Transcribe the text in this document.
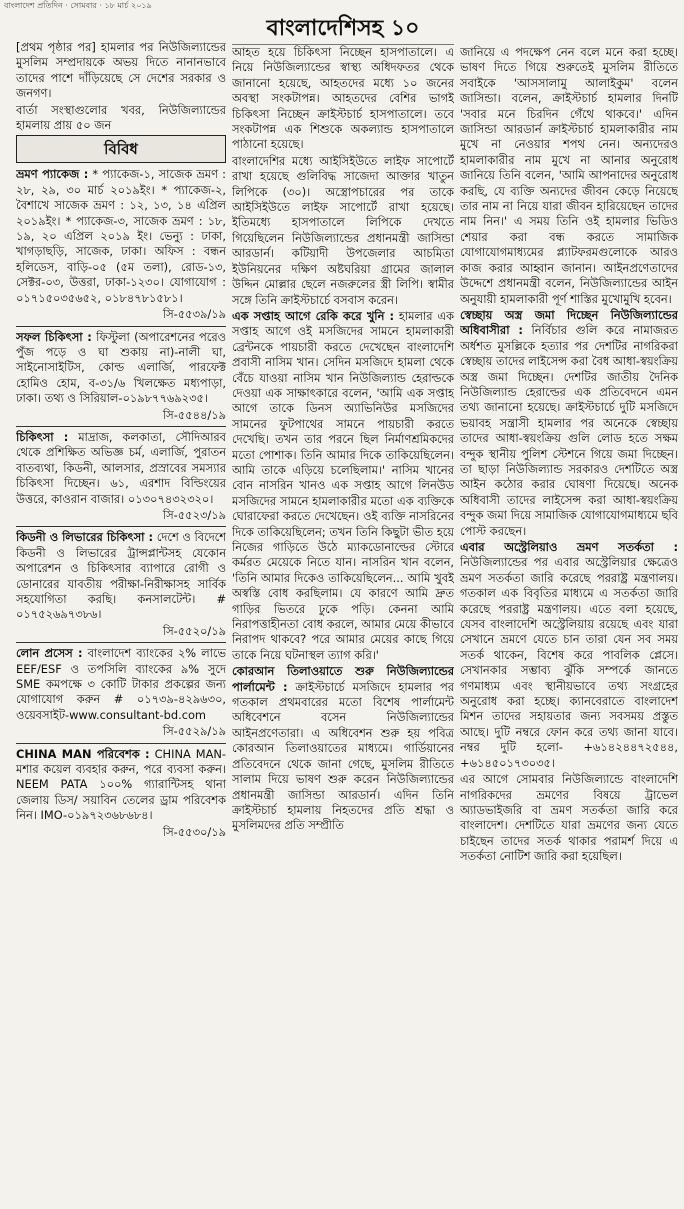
বাংলাদেশ প্রতিদিন · সোমবার · ১৮ মার্চ ২০১৯
বাংলাদেশিসহ ১০

[প্রথম পৃষ্ঠার পর] হামলার পর নিউজিল্যান্ডের মুসলিম সম্প্রদায়কে অভয় দিতে নানানভাবে তাদের পাশে দাঁড়িয়েছে সে দেশের সরকার ও জনগণ।

বার্তা সংস্থাগুলোর খবর, নিউজিল্যান্ডের হামলায় প্রায় ৫০ জন

বিবিধ

ভ্রমণ প্যাকেজ : * প্যাকেজ-১, সাজেক ভ্রমণ : ২৮, ২৯, ৩০ মার্চ ২০১৯ইং। * প্যাকেজ-২, বৈশাখে সাজেক ভ্রমণ : ১২, ১৩, ১৪ এপ্রিল ২০১৯ইং। * প্যাকেজ-৩, সাজেক ভ্রমণ : ১৮, ১৯, ২০ এপ্রিল ২০১৯ ইং। ভেন্যু : ঢাকা, খাগড়াছড়ি, সাজেক, ঢাকা। অফিস : বন্ধন হলিডেস, বাড়ি-০৫ (৫ম তলা), রোড-১৩, সেক্টর-০৩, উত্তরা, ঢাকা-১২৩০। যোগাযোগ : ০১৭১৫০৩৫৬৫২, ০১৮৪৭৮১৫৮১।

সি-৫৫৩৯/১৯

সফল চিকিৎসা : ফিস্টুলা (অপারেশনের পরেও পুঁজ পড়ে ও ঘা শুকায় না)-নালী ঘা, সাইনোসাইটিস, কোল্ড এলার্জি, পারফেক্ট হোমিও হোম, ব-৩১/৬ খিলক্ষেত মধ্যপাড়া, ঢাকা। তথ্য ও সিরিয়াল-০১৯৮৭৭৬৯২৩৫।

সি-৫৫৪৪/১৯

চিকিৎসা : মাদ্রাজ, কলকাতা, সৌদিআরব থেকে প্রশিক্ষিত অভিজ্ঞ চর্ম, এলার্জি, পুরাতন বাতব্যথা, কিডনী, আলসার, প্রস্রাবের সমস্যার চিকিৎসা দিচ্ছেন। ৬১, এরশাদ বিল্ডিংয়ের উত্তরে, কাওরান বাজার। ০১৩০৭৪৩২৩২০।

সি-৫৫২৩/১৯

কিডনী ও লিভারের চিকিৎসা : দেশে ও বিদেশে কিডনী ও লিভারের ট্রান্সপ্লান্টসহ যেকোন অপারেশন ও চিকিৎসার ব্যাপারে রোগী ও ডোনারের যাবতীয় পরীক্ষা-নিরীক্ষাসহ সার্বিক সহযোগিতা করছি। কনসালটেন্ট। # ০১৭৫২৬৯৭৩৮৬।

সি-৫৫২০/১৯

লোন প্রসেস : বাংলাদেশ ব্যাংকের ২% লাভে EEF/ESF ও তপসিলি ব্যাংকের ৯% সুদে SME কমপক্ষে ৩ কোটি টাকার প্রকল্পের জন্য যোগাযোগ করুন # ০১৭৩৯-৪২৯৬৩০, ওয়েবসাইট-www.consultant-bd.com

সি-৫৫২৯/১৯

CHINA MAN পরিবেশক : CHINA MAN- মশার কয়েল ব্যবহার করুন, পরে ব্যবসা করুন। NEEM PATA ১০০% গ্যারান্টিসহ থানা জেলায় ডিস/ সয়াবিন তেলের ড্রাম পরিবেশক নিন। IMO-০১৯৭২৩৬৮৬৮৪।

সি-৫৫৩০/১৯

আহত হয়ে চিকিৎসা নিচ্ছেন হাসপাতালে। এ নিয়ে নিউজিল্যান্ডের স্বাস্থ্য অধিদফতর থেকে জানানো হয়েছে, আহতদের মধ্যে ১০ জনের অবস্থা সংকটাপন্ন। আহতদের বেশির ভাগই চিকিৎসা নিচ্ছেন ক্রাইস্টচার্চ হাসপাতালে। তবে সংকটাপন্ন এক শিশুকে অকল্যান্ড হাসপাতালে পাঠানো হয়েছে।

বাংলাদেশির মধ্যে আইসিইউতে লাইফ সাপোর্টে রাখা হয়েছে গুলিবিদ্ধ সাজেদা আক্তার খাতুন লিপিকে (৩০)। অস্ত্রোপচারের পর তাকে আইসিইউতে লাইফ সাপোর্টে রাখা হয়েছে। ইতিমধ্যে হাসপাতালে লিপিকে দেখতে গিয়েছিলেন নিউজিল্যান্ডের প্রধানমন্ত্রী জাসিন্ডা আরডার্ন। কটিয়াদী উপজেলার আচমিতা ইউনিয়নের দক্ষিণ অষ্টঘরিয়া গ্রামের জালাল উদ্দিন মোল্লার ছেলে নজরুলের স্ত্রী লিপি। স্বামীর সঙ্গে তিনি ক্রাইস্টচার্চে বসবাস করেন।

এক সপ্তাহ আগে রেকি করে খুনি : হামলার এক সপ্তাহ আগে ওই মসজিদের সামনে হামলাকারী ব্রেন্টনকে পায়চারী করতে দেখেছেন বাংলাদেশি প্রবাসী নাসিম খান। সেদিন মসজিদে হামলা থেকে বেঁচে যাওয়া নাসিম খান নিউজিল্যান্ড হেরাল্ডকে দেওয়া এক সাক্ষাৎকারে বলেন, 'আমি এক সপ্তাহ আগে তাকে ডিনস অ্যাভিনিউর মসজিদের সামনের ফুটপাথের সামনে পায়চারী করতে দেখেছি। তখন তার পরনে ছিল নির্মাণশ্রমিকদের মতো পোশাক। তিনি আমার দিকে তাকিয়েছিলেন। আমি তাকে এড়িয়ে চলেছিলাম।' নাসিম খানের বোন নাসরিন খানও এক সপ্তাহ আগে লিনউড মসজিদের সামনে হামলাকারীর মতো এক ব্যক্তিকে ঘোরাফেরা করতে দেখেছেন। ওই ব্যক্তি নাসরিনের দিকে তাকিয়েছিলেন; তখন তিনি কিছুটা ভীত হয়ে নিজের গাড়িতে উঠে ম্যাকডোনাল্ডের স্টোরে কর্মরত মেয়েকে নিতে যান। নাসরিন খান বলেন, 'তিনি আমার দিকেও তাকিয়েছিলেন... আমি খুবই অস্বস্তি বোধ করছিলাম। যে কারণে আমি দ্রুত গাড়ির ভিতরে ঢুকে পড়ি। কেননা আমি নিরাপত্তাহীনতা বোধ করলে, আমার মেয়ে কীভাবে নিরাপদ থাকবে? পরে আমার মেয়ের কাছে গিয়ে তাকে নিয়ে ঘটনাস্থল ত্যাগ করি।'

কোরআন তিলাওয়াতে শুরু নিউজিল্যান্ডের পার্লামেন্ট : ক্রাইস্টচার্চে মসজিদে হামলার পর গতকাল প্রথমবারের মতো বিশেষ পার্লামেন্ট অধিবেশনে বসেন নিউজিল্যান্ডের আইনপ্রণেতারা। এ অধিবেশন শুরু হয় পবিত্র কোরআন তিলাওয়াতের মাধ্যমে। গার্ডিয়ানের প্রতিবেদনে থেকে জানা গেছে, মুসলিম রীতিতে সালাম দিয়ে ভাষণ শুরু করেন নিউজিল্যান্ডের প্রধানমন্ত্রী জাসিন্ডা আরডার্ন। এদিন তিনি ক্রাইস্টচার্চ হামলায় নিহতদের প্রতি শ্রদ্ধা ও মুসলিমদের প্রতি সম্প্রীতি

জানিয়ে এ পদক্ষেপ নেন বলে মনে করা হচ্ছে। ভাষণ দিতে গিয়ে শুরুতেই মুসলিম রীতিতে সবাইকে 'আসসালামু আলাইকুম' বলেন জাসিন্ডা। বলেন, ক্রাইস্টচার্চ হামলার দিনটি 'সবার মনে চিরদিন গেঁথে থাকবে।' এদিন জাসিন্ডা আরডার্ন ক্রাইস্টচার্চ হামলাকারীর নাম মুখে না নেওয়ার শপথ নেন। অন্যদেরও হামলাকারীর নাম মুখে না আনার অনুরোধ জানিয়ে তিনি বলেন, 'আমি আপনাদের অনুরোধ করছি, যে ব্যক্তি অন্যদের জীবন কেড়ে নিয়েছে তার নাম না নিয়ে যারা জীবন হারিয়েছেন তাদের নাম নিন।' এ সময় তিনি ওই হামলার ভিডিও শেয়ার করা বন্ধ করতে সামাজিক যোগাযোগমাধ্যমের প্ল্যাটফরমগুলোকে আরও কাজ করার আহ্বান জানান। আইনপ্রণেতাদের উদ্দেশে প্রধানমন্ত্রী বলেন, নিউজিল্যান্ডের আইন অনুযায়ী হামলাকারী পূর্ণ শাস্তির মুখোমুখি হবেন।

স্বেচ্ছায় অস্ত্র জমা দিচ্ছেন নিউজিল্যান্ডের অধিবাসীরা : নির্বিচার গুলি করে নামাজরত অর্ধশত মুসল্লিকে হত্যার পর দেশটির নাগরিকরা স্বেচ্ছায় তাদের লাইসেন্স করা বৈধ আধা-স্বয়ংক্রিয় অস্ত্র জমা দিচ্ছেন। দেশটির জাতীয় দৈনিক নিউজিল্যান্ড হেরাল্ডের এক প্রতিবেদনে এমন তথ্য জানানো হয়েছে। ক্রাইস্টচার্চে দুটি মসজিদে ভয়াবহ সন্ত্রাসী হামলার পর অনেকে স্বেচ্ছায় তাদের আধা-স্বয়ংক্রিয় গুলি লোড হতে সক্ষম বন্দুক স্থানীয় পুলিশ স্টেশনে গিয়ে জমা দিচ্ছেন। তা ছাড়া নিউজিল্যান্ড সরকারও দেশটিতে অস্ত্র আইন কঠোর করার ঘোষণা দিয়েছে। অনেক অধিবাসী তাদের লাইসেন্স করা আধা-স্বয়ংক্রিয় বন্দুক জমা দিয়ে সামাজিক যোগাযোগমাধ্যমে ছবি পোস্ট করছেন।

এবার অস্ট্রেলিয়াও ভ্রমণ সতর্কতা : নিউজিল্যান্ডের পর এবার অস্ট্রেলিয়ার ক্ষেত্রেও ভ্রমণ সতর্কতা জারি করেছে পররাষ্ট্র মন্ত্রণালয়। গতকাল এক বিবৃতির মাধ্যমে এ সতর্কতা জারি করেছে পররাষ্ট্র মন্ত্রণালয়। এতে বলা হয়েছে, যেসব বাংলাদেশি অস্ট্রেলিয়ায় রয়েছে এবং যারা সেখানে ভ্রমণে যেতে চান তারা যেন সব সময় সতর্ক থাকেন, বিশেষ করে পাবলিক প্লেসে। সেখানকার সম্ভাব্য ঝুঁকি সম্পর্কে জানতে গণমাধ্যম এবং স্থানীয়ভাবে তথ্য সংগ্রহের অনুরোধ করা হচ্ছে। ক্যানবেরাতে বাংলাদেশ মিশন তাদের সহায়তার জন্য সবসময় প্রস্তুত আছে। দুটি নম্বরে ফোন করে তথ্য জানা যাবে। নম্বর দুটি হলো- +৬১৪২৪৪৭২৫৪৪, +৬১৪৫০১৭৩০৩৫।

এর আগে সোমবার নিউজিল্যান্ডে বাংলাদেশি নাগরিকদের ভ্রমণের বিষয়ে ট্রাভেল অ্যাডভাইজরি বা ভ্রমণ সতর্কতা জারি করে বাংলাদেশ। দেশটিতে যারা ভ্রমণের জন্য যেতে চাইছেন তাদের সতর্ক থাকার পরামর্শ দিয়ে এ সতর্কতা নোটিশ জারি করা হয়েছিল।
